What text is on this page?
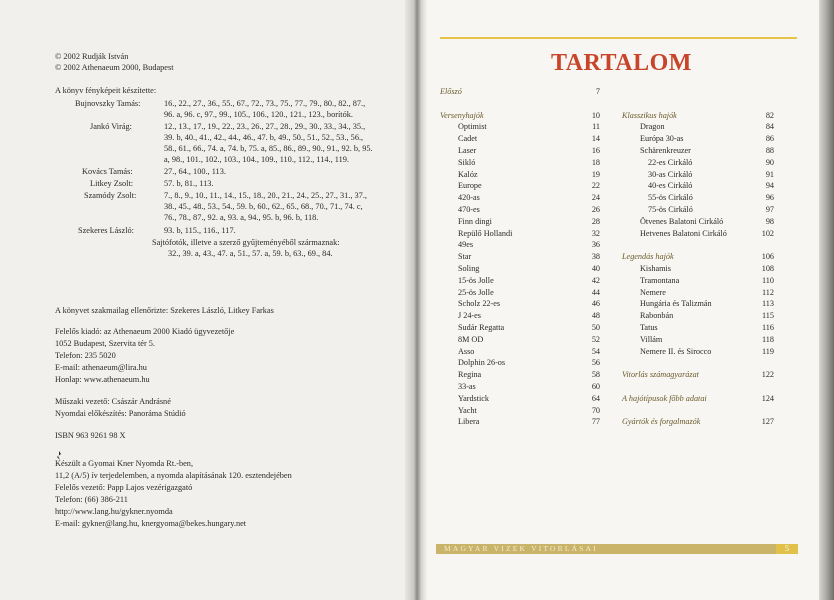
© 2002 Rudják István
© 2002 Athenaeum 2000, Budapest
A könyv fényképeit készítette:
Bujnovszky Tamás:	16., 22., 27., 36., 55., 67., 72., 73., 75., 77., 79., 80., 82., 87.,
96. a, 96. c, 97., 99., 105., 106., 120., 121., 123., borítók.
Jankó Virág:	12., 13., 17., 19., 22., 23., 26., 27., 28., 29., 30., 33., 34., 35.,
39. b, 40., 41., 42., 44., 46., 47. b, 49., 50., 51., 52., 53., 56.,
58., 61., 66., 74. a, 74. b, 75. a, 85., 86., 89., 90., 91., 92. b, 95.
a, 98., 101., 102., 103., 104., 109., 110., 112., 114., 119.
Kovács Tamás:	27., 64., 100., 113.
Litkey Zsolt:	57. b, 81., 113.
Szamódy Zsolt:	7., 8., 9., 10., 11., 14., 15., 18., 20., 21., 24., 25., 27., 31., 37.,
38., 45., 48., 53., 54., 59. b, 60., 62., 65., 68., 70., 71., 74. c,
76., 78., 87., 92. a, 93. a, 94., 95. b, 96. b, 118.
Szekeres László:	93. b, 115., 116., 117.
Sajtófotók, illetve a szerző gyűjteményéből származnak:
32., 39. a, 43., 47. a, 51., 57. a, 59. b, 63., 69., 84.
A könyvet szakmailag ellenőrizte: Szekeres László, Litkey Farkas
Felelős kiadó: az Athenaeum 2000 Kiadó ügyvezetője
1052 Budapest, Szervita tér 5.
Telefon: 235 5020
E-mail: athenaeum@lira.hu
Honlap: www.athenaeum.hu
Műszaki vezető: Császár Andrásné
Nyomdai előkészítés: Panoráma Stúdió
ISBN 963 9261 98 X
Készült a Gyomai Kner Nyomda Rt.-ben,
11,2 (A/5) ív terjedelemben, a nyomda alapításának 120. esztendejében
Felelős vezető: Papp Lajos vezérigazgató
Telefon: (66) 386-211
http://www.lang.hu/gykner.nyomda
E-mail: gykner@lang.hu, knergyoma@bekes.hungary.net
TARTALOM
Előszó	7
Versenyhajók	10
Optimist	11
Cadet	14
Laser	16
Sikló	18
Kalóz	19
Europe	22
420-as	24
470-es	26
Finn dingi	28
Repülő Hollandi	32
49es	36
Star	38
Soling	40
15-ös Jolle	42
25-ös Jolle	44
Scholz 22-es	46
J 24-es	48
Sudár Regatta	50
8M OD	52
Asso	54
Dolphin 26-os	56
Regina	58
33-as	60
Yardstick	64
Yacht	70
Libera	77
Klasszikus hajók	82
Dragon	84
Európa 30-as	86
Schärenkreuzer	88
22-es Cirkáló	90
30-as Cirkáló	91
40-es Cirkáló	94
55-ös Cirkáló	96
75-ös Cirkáló	97
Ötvenes Balatoni Cirkáló	98
Hetvenes Balatoni Cirkáló	102
Legendás hajók	106
Kishamis	108
Tramontana	110
Nemere	112
Hungária és Talizmán	113
Rabonbán	115
Tatus	116
Villám	118
Nemere II. és Sirocco	119
Vitorlás számagyarázat	122
A hajótípusok főbb adatai	124
Gyártók és forgalmazók	127
MAGYAR VIZEK VITORLÁSAI	5
